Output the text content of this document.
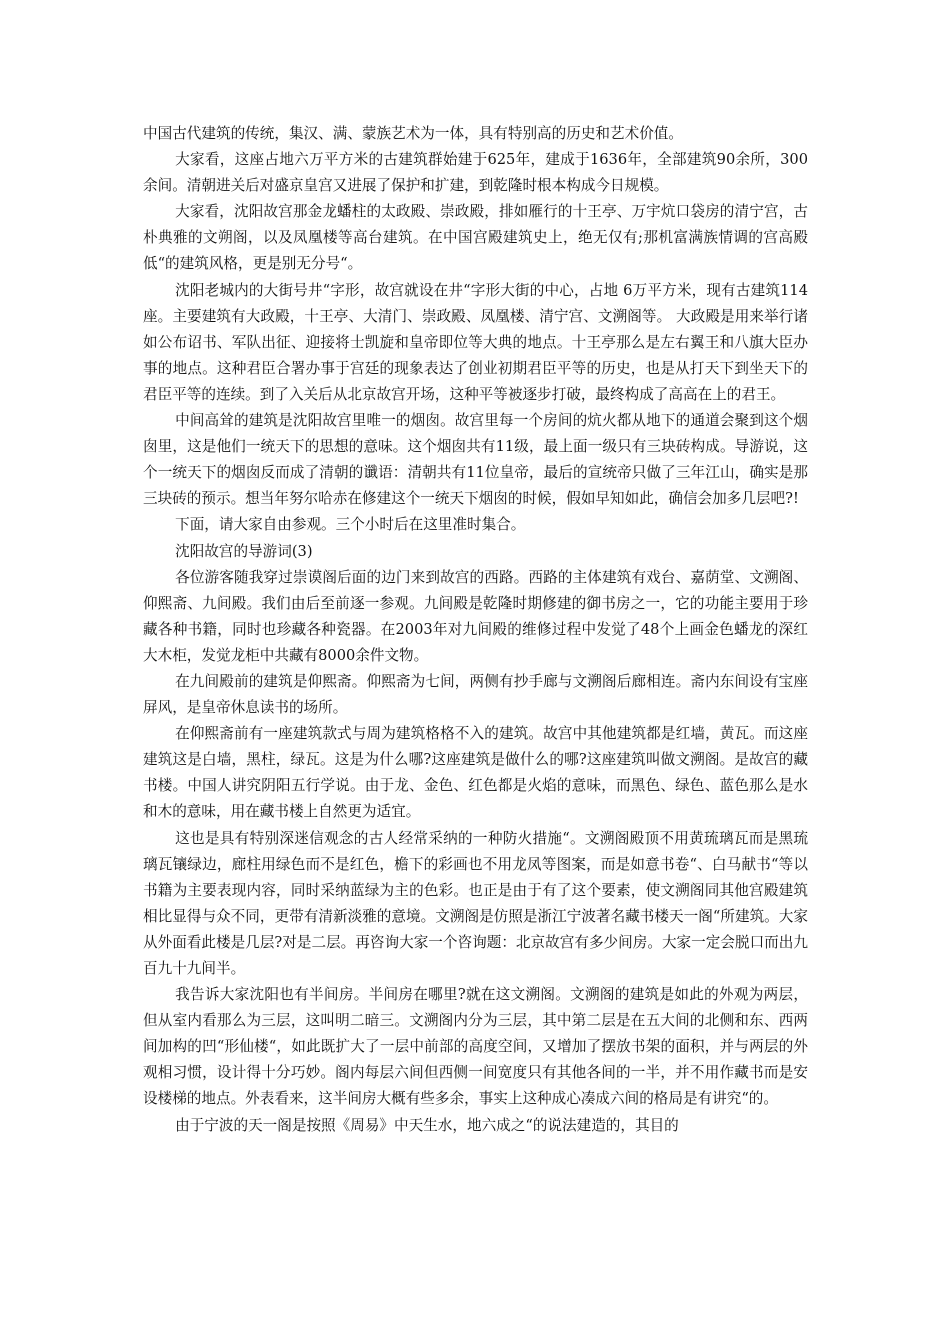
中国古代建筑的传统，集汉、满、蒙族艺术为一体，具有特别高的历史和艺术价值。

大家看，这座占地六万平方米的古建筑群始建于625年，建成于1636年，全部建筑90余所，300余间。清朝进关后对盛京皇宫又进展了保护和扩建，到乾隆时根本构成今日规模。

大家看，沈阳故宫那金龙蟠柱的太政殿、崇政殿，排如雁行的十王亭、万宇炕口袋房的清宁宫，古朴典雅的文朔阁，以及凤凰楼等高台建筑。在中国宫殿建筑史上，绝无仅有;那机富满族情调的宫高殿低“的建筑风格，更是别无分号“。

沈阳老城内的大街号井“字形，故宫就设在井“字形大街的中心，占地 6万平方米，现有古建筑114座。主要建筑有大政殿，十王亭、大清门、崇政殿、凤凰楼、清宁宫、文溯阁等。 大政殿是用来举行诸如公布诏书、军队出征、迎接将士凯旋和皇帝即位等大典的地点。十王亭那么是左右翼王和八旗大臣办事的地点。这种君臣合署办事于宫廷的现象表达了创业初期君臣平等的历史，也是从打天下到坐天下的君臣平等的连续。到了入关后从北京故宫开场，这种平等被逐步打破，最终构成了高高在上的君王。

中间高耸的建筑是沈阳故宫里唯一的烟囱。故宫里每一个房间的炕火都从地下的通道会聚到这个烟囱里，这是他们一统天下的思想的意味。这个烟囱共有11级，最上面一级只有三块砖构成。导游说，这个一统天下的烟囱反而成了清朝的谶语：清朝共有11位皇帝，最后的宣统帝只做了三年江山，确实是那三块砖的预示。想当年努尔哈赤在修建这个一统天下烟囱的时候，假如早知如此，确信会加多几层吧?!

下面，请大家自由参观。三个小时后在这里准时集合。

沈阳故宫的导游词(3)

各位游客随我穿过崇谟阁后面的边门来到故宫的西路。西路的主体建筑有戏台、嘉荫堂、文溯阁、仰熙斋、九间殿。我们由后至前逐一参观。九间殿是乾隆时期修建的御书房之一，它的功能主要用于珍藏各种书籍，同时也珍藏各种瓷器。在2003年对九间殿的维修过程中发觉了48个上画金色蟠龙的深红大木柜，发觉龙柜中共藏有8000余件文物。

在九间殿前的建筑是仰熙斋。仰熙斋为七间，两侧有抄手廊与文溯阁后廊相连。斋内东间设有宝座屏风，是皇帝休息读书的场所。

在仰熙斋前有一座建筑款式与周为建筑格格不入的建筑。故宫中其他建筑都是红墙，黄瓦。而这座建筑这是白墙，黑柱，绿瓦。这是为什么哪?这座建筑是做什么的哪?这座建筑叫做文溯阁。是故宫的藏书楼。中国人讲究阴阳五行学说。由于龙、金色、红色都是火焰的意味，而黑色、绿色、蓝色那么是水和木的意味，用在藏书楼上自然更为适宜。

这也是具有特别深迷信观念的古人经常采纳的一种防火措施“。文溯阁殿顶不用黄琉璃瓦而是黑琉璃瓦镶绿边，廊柱用绿色而不是红色，檐下的彩画也不用龙凤等图案，而是如意书卷“、白马献书“等以书籍为主要表现内容，同时采纳蓝绿为主的色彩。也正是由于有了这个要素，使文溯阁同其他宫殿建筑相比显得与众不同，更带有清新淡雅的意境。文溯阁是仿照是浙江宁波著名藏书楼天一阁“所建筑。大家从外面看此楼是几层?对是二层。再咨询大家一个咨询题：北京故宫有多少间房。大家一定会脱口而出九百九十九间半。

我告诉大家沈阳也有半间房。半间房在哪里?就在这文溯阁。文溯阁的建筑是如此的外观为两层，但从室内看那么为三层，这叫明二暗三。文溯阁内分为三层，其中第二层是在五大间的北侧和东、西两间加构的凹“形仙楼“，如此既扩大了一层中前部的高度空间，又增加了摆放书架的面积，并与两层的外观相习惯，设计得十分巧妙。阁内每层六间但西侧一间宽度只有其他各间的一半，并不用作藏书而是安设楼梯的地点。外表看来，这半间房大概有些多余，事实上这种成心凑成六间的格局是有讲究“的。

由于宁波的天一阁是按照《周易》中天生水，地六成之“的说法建造的，其目的
